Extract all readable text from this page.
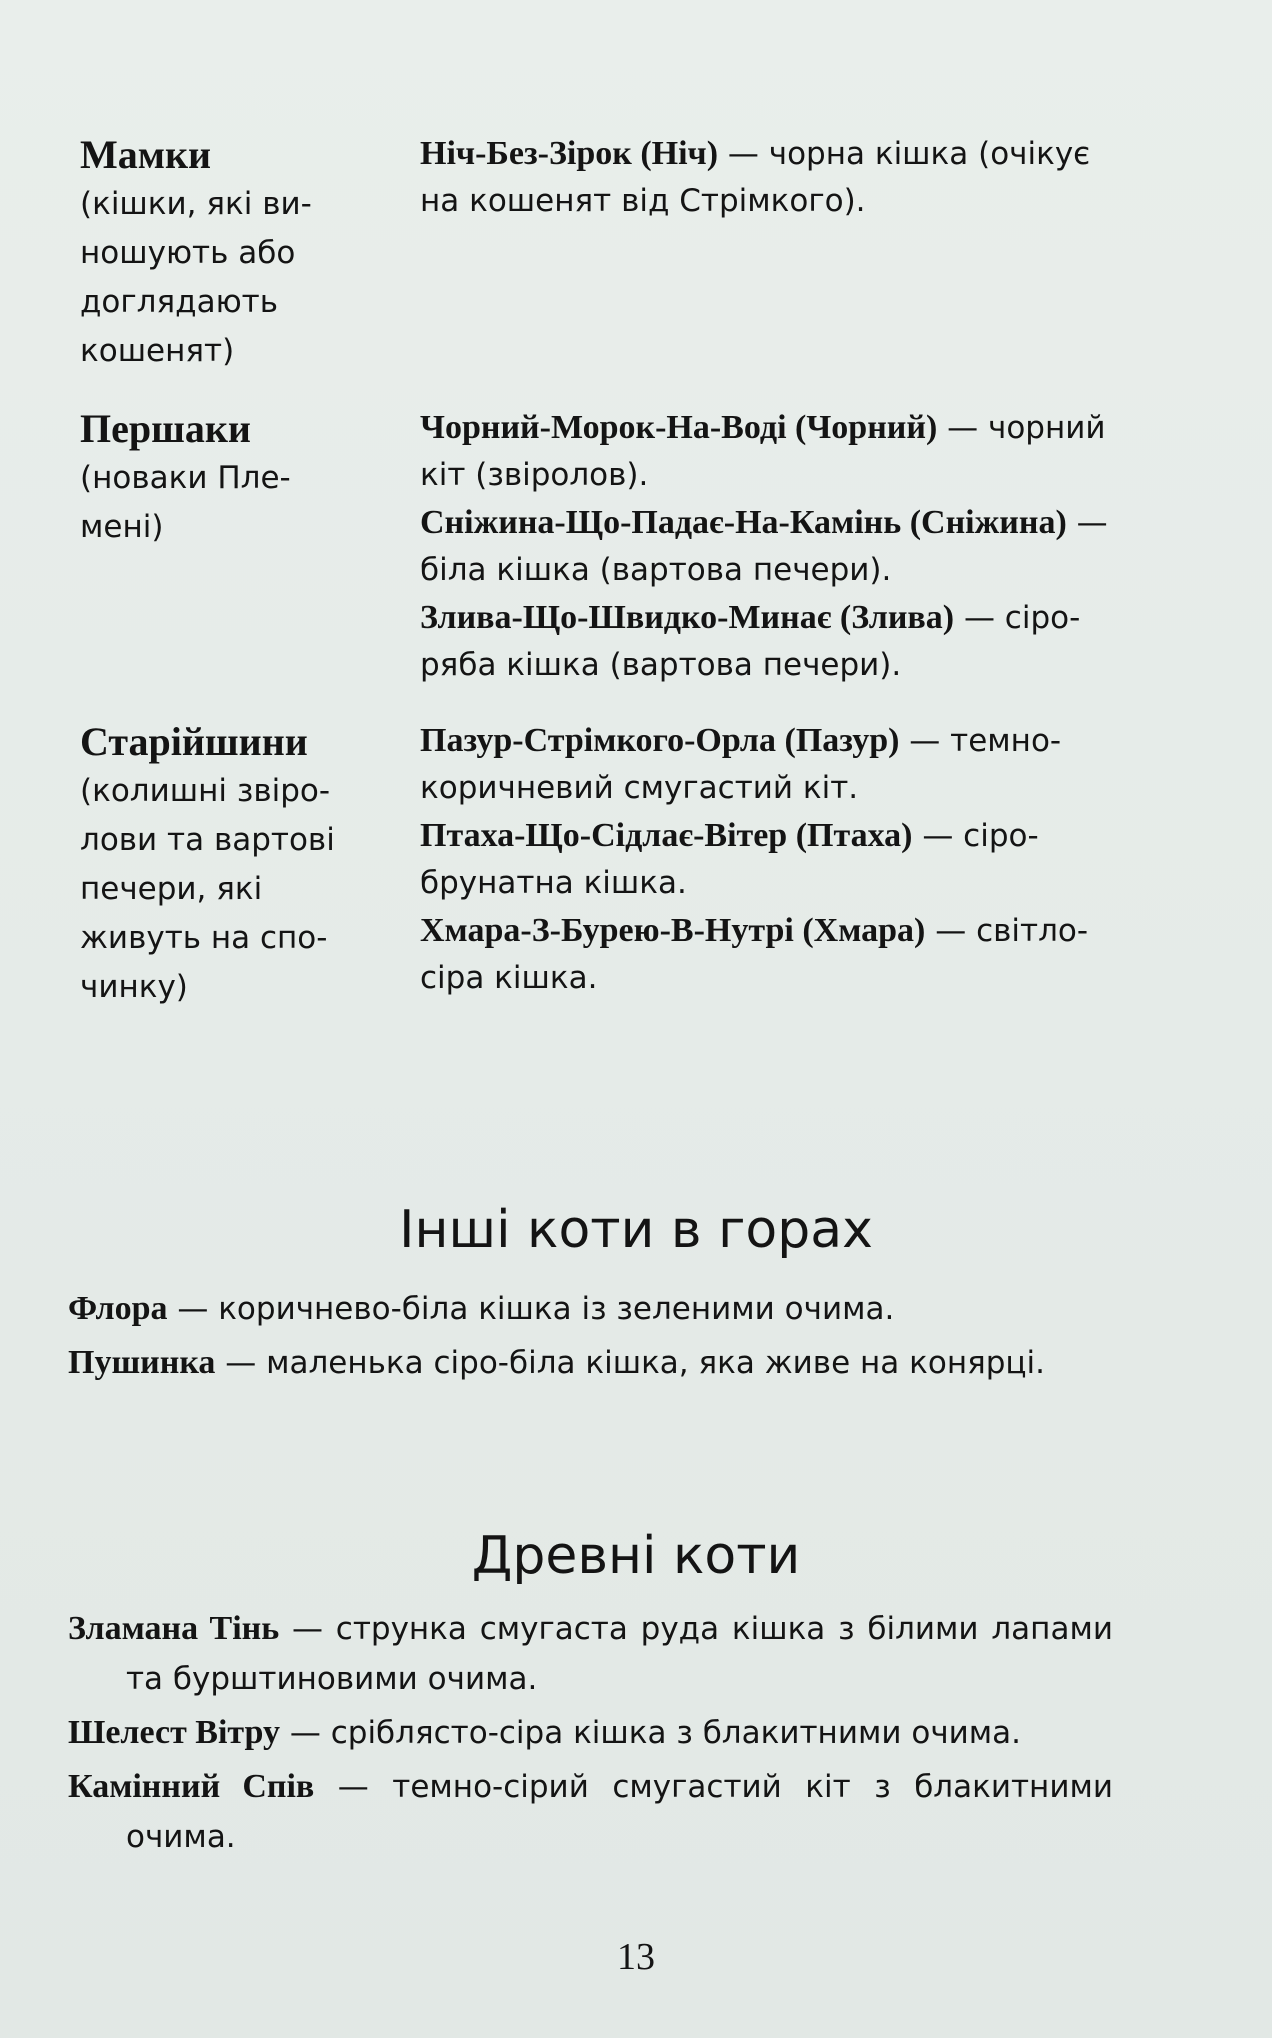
Мамки
(кішки, які ви-
ношують або
доглядають
кошенят)

Ніч-Без-Зірок (Ніч) — чорна кішка (очікує на кошенят від Стрімкого).

Першаки
(новаки Пле-
мені)

Чорний-Морок-На-Воді (Чорний) — чорний кіт (звіролов).

Сніжина-Що-Падає-На-Камінь (Сніжина) — біла кішка (вартова печери).

Злива-Що-Швидко-Минає (Злива) — сіро-ряба кішка (вартова печери).

Старійшини
(колишні звіро-
лови та вартові
печери, які
живуть на спо-
чинку)

Пазур-Стрімкого-Орла (Пазур) — темно-коричневий смугастий кіт.

Птаха-Що-Сідлає-Вітер (Птаха) — сіро-брунатна кішка.

Хмара-З-Бурею-В-Нутрі (Хмара) — світло-сіра кішка.

Інші коти в горах

Флора — коричнево-біла кішка із зеленими очима.

Пушинка — маленька сіро-біла кішка, яка живе на конярці.

Древні коти

Зламана Тінь — струнка смугаста руда кішка з білими лапами та бурштиновими очима.

Шелест Вітру — сріблясто-сіра кішка з блакитними очима.

Камінний Спів — темно-сірий смугастий кіт з блакитними очима.

13
